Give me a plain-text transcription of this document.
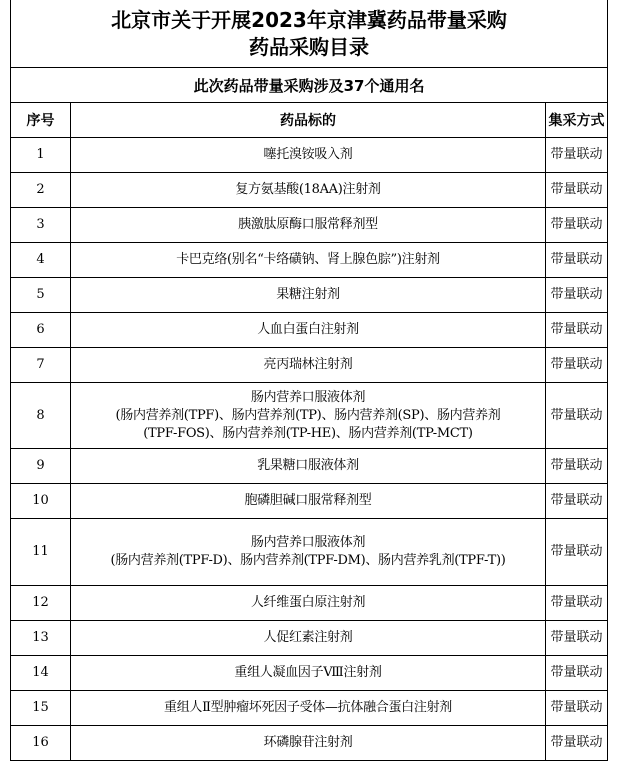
北京市关于开展2023年京津冀药品带量采购
药品采购目录		
此次药品带量采购涉及37个通用名		
序号	药品标的	集采方式
1	噻托溴铵吸入剂	带量联动
2	复方氨基酸(18AA)注射剂	带量联动
3	胰激肽原酶口服常释剂型	带量联动
4	卡巴克络(别名“卡络磺钠、肾上腺色腙”)注射剂	带量联动
5	果糖注射剂	带量联动
6	人血白蛋白注射剂	带量联动
7	亮丙瑞林注射剂	带量联动
8	肠内营养口服液体剂
(肠内营养剂(TPF)、肠内营养剂(TP)、肠内营养剂(SP)、肠内营养剂
(TPF-FOS)、肠内营养剂(TP-HE)、肠内营养剂(TP-MCT)	带量联动
9	乳果糖口服液体剂	带量联动
10	胞磷胆碱口服常释剂型	带量联动
11	肠内营养口服液体剂
(肠内营养剂(TPF-D)、肠内营养剂(TPF-DM)、肠内营养乳剂(TPF-T))	带量联动
12	人纤维蛋白原注射剂	带量联动
13	人促红素注射剂	带量联动
14	重组人凝血因子Ⅷ注射剂	带量联动
15	重组人Ⅱ型肿瘤坏死因子受体—抗体融合蛋白注射剂	带量联动
16	环磷腺苷注射剂	带量联动
